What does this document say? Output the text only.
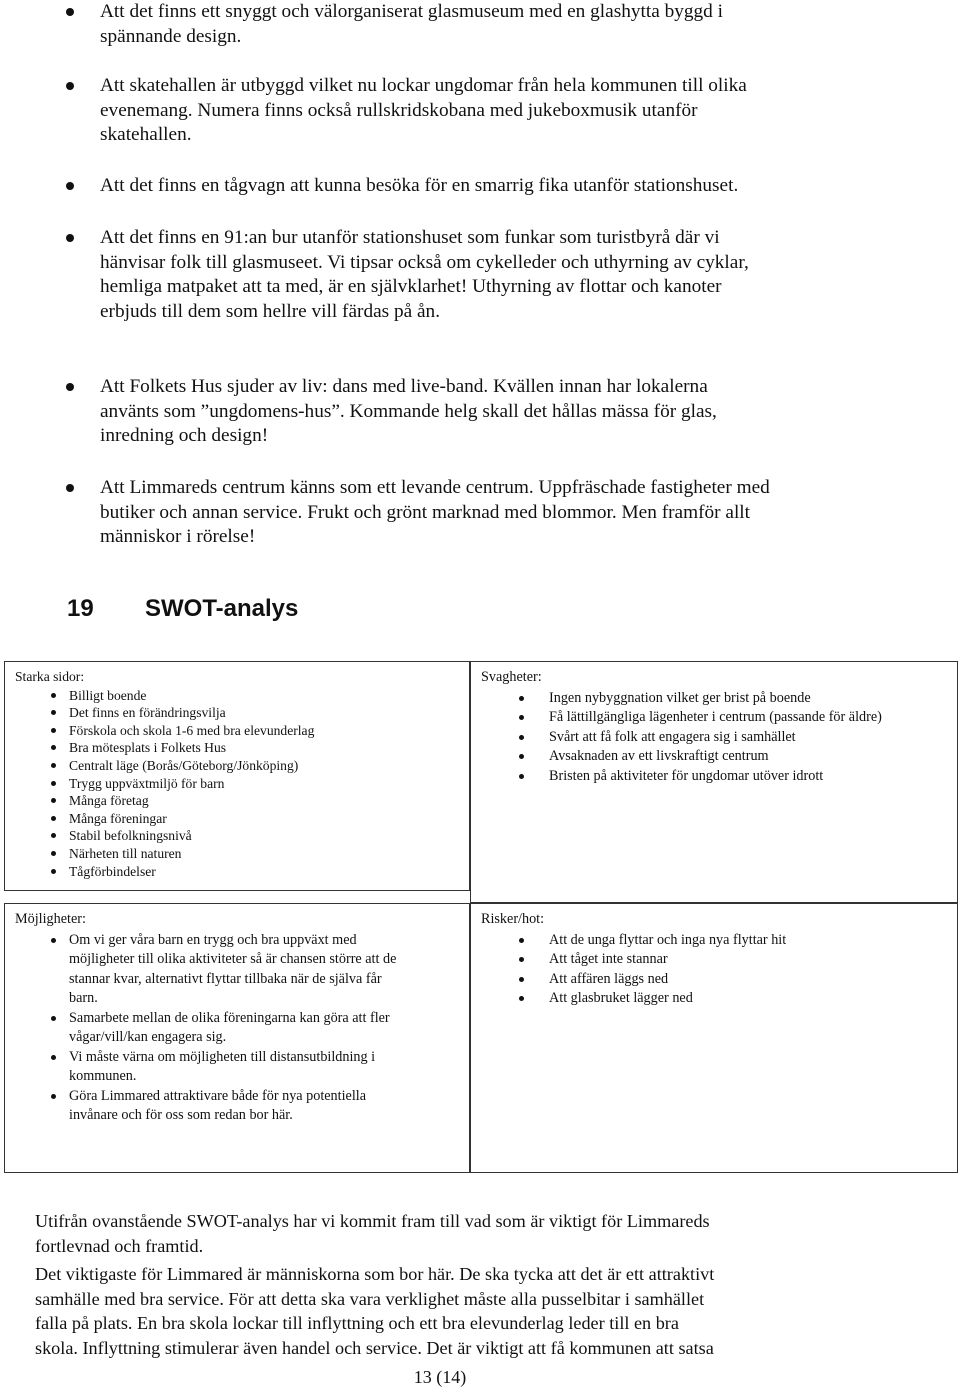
Att det finns ett snyggt och välorganiserat glasmuseum med en glashytta byggd i
spännande design.
Att skatehallen är utbyggd vilket nu lockar ungdomar från hela kommunen till olika
evenemang. Numera finns också rullskridskobana med jukeboxmusik utanför
skatehallen.
Att det finns en tågvagn att kunna besöka för en smarrig fika utanför stationshuset.
Att det finns en 91:an bur utanför stationshuset som funkar som turistbyrå där vi
hänvisar folk till glasmuseet. Vi tipsar också om cykelleder och uthyrning av cyklar,
hemliga matpaket att ta med, är en självklarhet! Uthyrning av flottar och kanoter
erbjuds till dem som hellre vill färdas på ån.
Att Folkets Hus sjuder av liv: dans med live-band. Kvällen innan har lokalerna
använts som ”ungdomens-hus”. Kommande helg skall det hållas mässa för glas,
inredning och design!
Att Limmareds centrum känns som ett levande centrum. Uppfräschade fastigheter med
butiker och annan service. Frukt och grönt marknad med blommor. Men framför allt
människor i rörelse!
19 SWOT-analys
Starka sidor:
Billigt boende
Det finns en förändringsvilja
Förskola och skola 1-6 med bra elevunderlag
Bra mötesplats i Folkets Hus
Centralt läge (Borås/Göteborg/Jönköping)
Trygg uppväxtmiljö för barn
Många företag
Många föreningar
Stabil befolkningsnivå
Närheten till naturen
Tågförbindelser
Svagheter:
Ingen nybyggnation vilket ger brist på boende
Få lättillgängliga lägenheter i centrum (passande för äldre)
Svårt att få folk att engagera sig i samhället
Avsaknaden av ett livskraftigt centrum
Bristen på aktiviteter för ungdomar utöver idrott
Möjligheter:
Om vi ger våra barn en trygg och bra uppväxt med
möjligheter till olika aktiviteter så är chansen större att de
stannar kvar, alternativt flyttar tillbaka när de själva får
barn.
Samarbete mellan de olika föreningarna kan göra att fler
vågar/vill/kan engagera sig.
Vi måste värna om möjligheten till distansutbildning i
kommunen.
Göra Limmared attraktivare både för nya potentiella
invånare och för oss som redan bor här.
Risker/hot:
Att de unga flyttar och inga nya flyttar hit
Att tåget inte stannar
Att affären läggs ned
Att glasbruket lägger ned

Utifrån ovanstående SWOT-analys har vi kommit fram till vad som är viktigt för Limmareds
fortlevnad och framtid.

Det viktigaste för Limmared är människorna som bor här. De ska tycka att det är ett attraktivt
samhälle med bra service. För att detta ska vara verklighet måste alla pusselbitar i samhället
falla på plats. En bra skola lockar till inflyttning och ett bra elevunderlag leder till en bra
skola. Inflyttning stimulerar även handel och service. Det är viktigt att få kommunen att satsa

13 (14)
